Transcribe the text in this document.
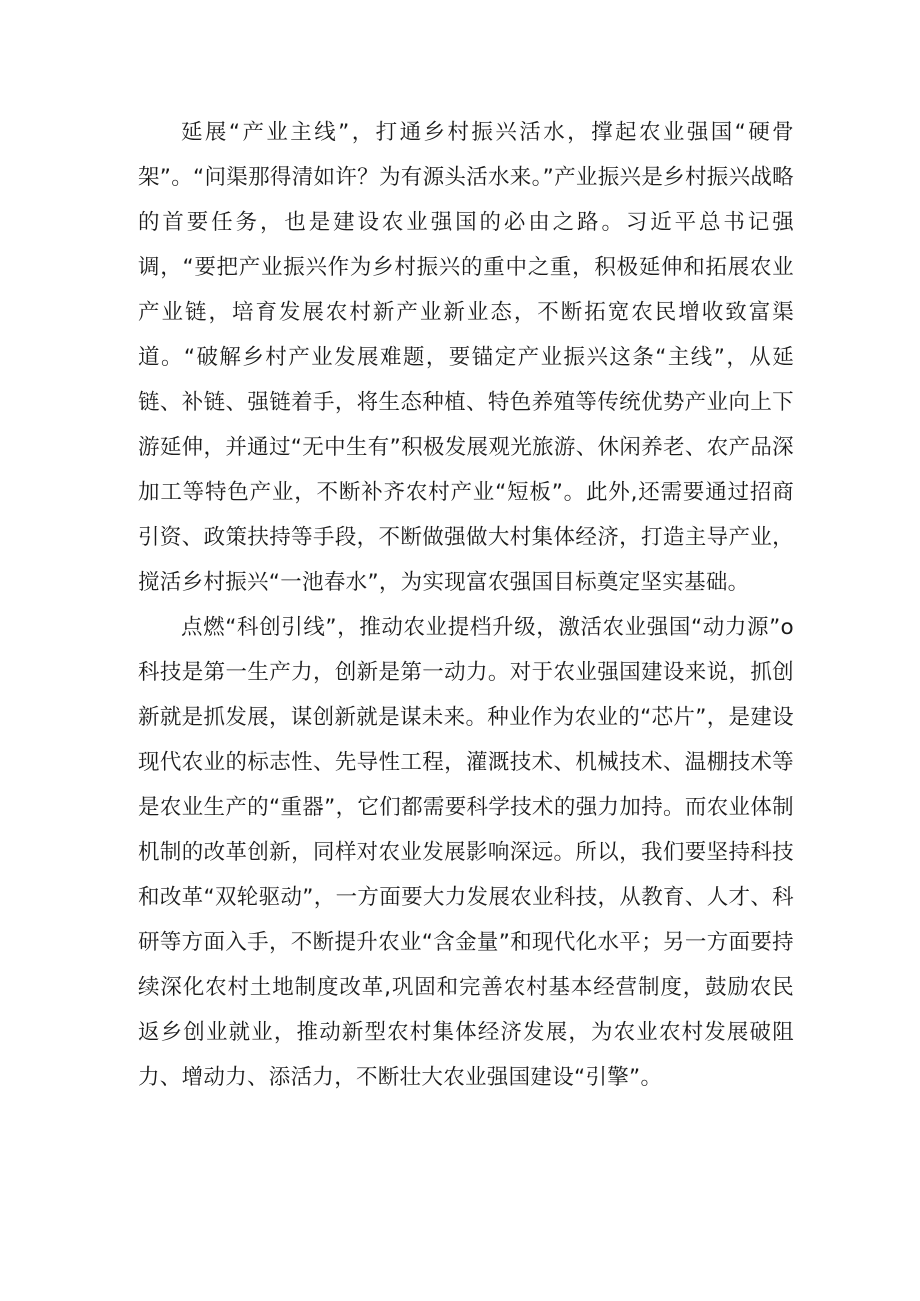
延展“产业主线”，打通乡村振兴活水，撑起农业强国“硬骨架”。“问渠那得清如许？为有源头活水来。”产业振兴是乡村振兴战略的首要任务，也是建设农业强国的必由之路。习近平总书记强调，“要把产业振兴作为乡村振兴的重中之重，积极延伸和拓展农业产业链，培育发展农村新产业新业态，不断拓宽农民增收致富渠道。“破解乡村产业发展难题，要锚定产业振兴这条“主线”，从延链、补链、强链着手，将生态种植、特色养殖等传统优势产业向上下游延伸，并通过“无中生有”积极发展观光旅游、休闲养老、农产品深加工等特色产业，不断补齐农村产业“短板”。此外,还需要通过招商引资、政策扶持等手段，不断做强做大村集体经济，打造主导产业，搅活乡村振兴“一池春水”，为实现富农强国目标奠定坚实基础。

点燃“科创引线”，推动农业提档升级，激活农业强国“动力源”o科技是第一生产力，创新是第一动力。对于农业强国建设来说，抓创新就是抓发展，谋创新就是谋未来。种业作为农业的“芯片”，是建设现代农业的标志性、先导性工程，灌溉技术、机械技术、温棚技术等是农业生产的“重器”，它们都需要科学技术的强力加持。而农业体制机制的改革创新，同样对农业发展影响深远。所以，我们要坚持科技和改革“双轮驱动”，一方面要大力发展农业科技，从教育、人才、科研等方面入手，不断提升农业“含金量”和现代化水平；另一方面要持续深化农村土地制度改革,巩固和完善农村基本经营制度，鼓励农民返乡创业就业，推动新型农村集体经济发展，为农业农村发展破阻力、增动力、添活力，不断壮大农业强国建设“引擎”。
